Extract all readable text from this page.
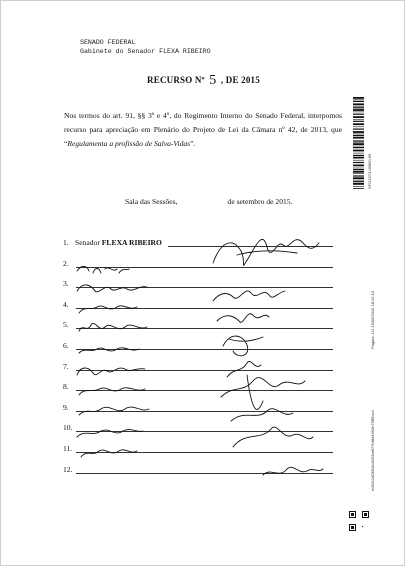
SENADO FEDERAL
Gabinete do Senador FLEXA RIBEIRO
RECURSO Nº 5 , DE 2015
Nos termos do art. 91, §§ 3º e 4º, do Regimento Interno do Senado Federal, interpomos recurso para apreciação em Plenário do Projeto de Lei da Câmara nº 42, de 2013, que “Regulamenta a profissão de Salva-Vidas”.
Sala das Sessões,	de setembro de 2015.
SF/15274.09890-69
Página: 1/1 15/09/2015 18:12:15
e063c2d0f3f1bd02f3a6f77b8fa4490e75ff5ce4
1. Senador FLEXA RIBEIRO
2.
3.
4.
5.
6.
7.
8.
9.
10.
11.
12.
